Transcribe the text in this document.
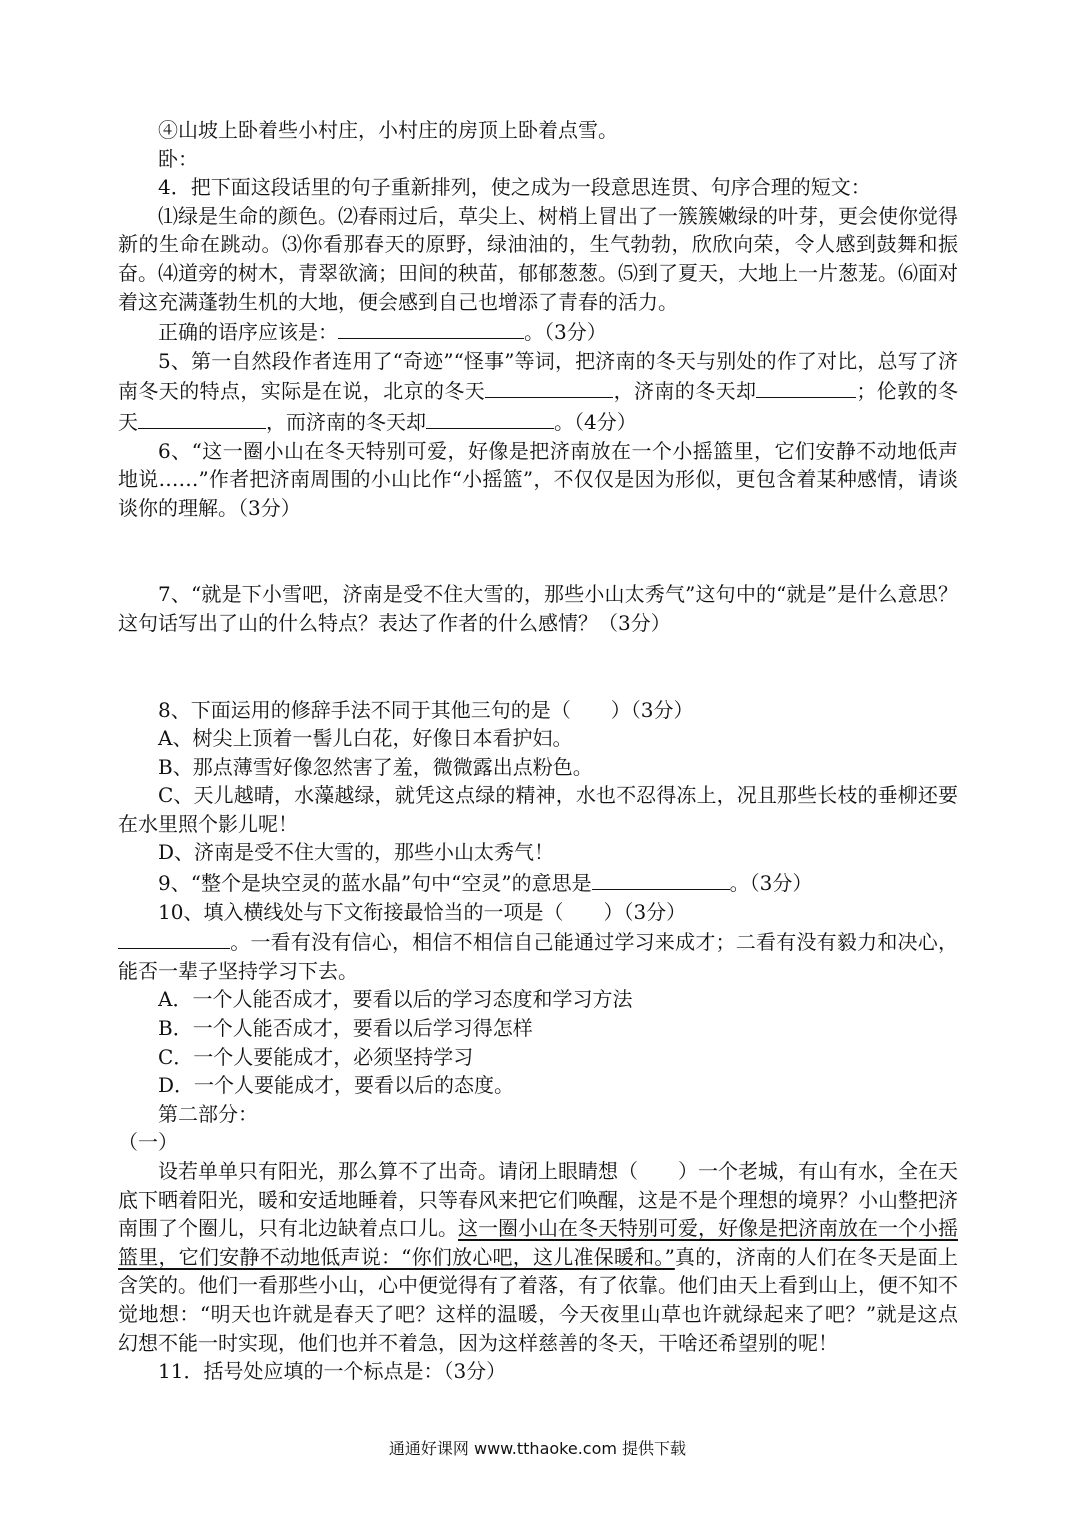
④山坡上卧着些小村庄，小村庄的房顶上卧着点雪。

卧：

4．把下面这段话里的句子重新排列，使之成为一段意思连贯、句序合理的短文：

⑴绿是生命的颜色。⑵春雨过后，草尖上、树梢上冒出了一簇簇嫩绿的叶芽，更会使你觉得新的生命在跳动。⑶你看那春天的原野，绿油油的，生气勃勃，欣欣向荣，令人感到鼓舞和振奋。⑷道旁的树木，青翠欲滴；田间的秧苗，郁郁葱葱。⑸到了夏天，大地上一片葱茏。⑹面对着这充满蓬勃生机的大地，便会感到自己也增添了青春的活力。

正确的语序应该是：	。（3分）

5、第一自然段作者连用了“奇迹”“怪事”等词，把济南的冬天与别处的作了对比，总写了济南冬天的特点，实际是在说，北京的冬天	，济南的冬天却	；伦敦的冬天	，而济南的冬天却	。（4分）

6、“这一圈小山在冬天特别可爱，好像是把济南放在一个小摇篮里，它们安静不动地低声地说……”作者把济南周围的小山比作“小摇篮”，不仅仅是因为形似，更包含着某种感情，请谈谈你的理解。（3分）

7、“就是下小雪吧，济南是受不住大雪的，那些小山太秀气”这句中的“就是”是什么意思？这句话写出了山的什么特点？表达了作者的什么感情？（3分）

8、下面运用的修辞手法不同于其他三句的是（　　）（3分）

A、树尖上顶着一髻儿白花，好像日本看护妇。

B、那点薄雪好像忽然害了羞，微微露出点粉色。

C、天儿越晴，水藻越绿，就凭这点绿的精神，水也不忍得冻上，况且那些长枝的垂柳还要在水里照个影儿呢！

D、济南是受不住大雪的，那些小山太秀气！

9、“整个是块空灵的蓝水晶”句中“空灵”的意思是	。（3分）

10、填入横线处与下文衔接最恰当的一项是（　　）（3分）

。一看有没有信心，相信不相信自己能通过学习来成才；二看有没有毅力和决心，能否一辈子坚持学习下去。

A．一个人能否成才，要看以后的学习态度和学习方法

B．一个人能否成才，要看以后学习得怎样

C．一个人要能成才，必须坚持学习

D．一个人要能成才，要看以后的态度。

第二部分：

（一）

设若单单只有阳光，那么算不了出奇。请闭上眼睛想（　　）一个老城，有山有水，全在天底下晒着阳光，暖和安适地睡着，只等春风来把它们唤醒，这是不是个理想的境界？小山整把济南围了个圈儿，只有北边缺着点口儿。这一圈小山在冬天特别可爱，好像是把济南放在一个小摇篮里，它们安静不动地低声说：“你们放心吧，这儿准保暖和。”真的，济南的人们在冬天是面上含笑的。他们一看那些小山，心中便觉得有了着落，有了依靠。他们由天上看到山上，便不知不觉地想：“明天也许就是春天了吧？这样的温暖，今天夜里山草也许就绿起来了吧？”就是这点幻想不能一时实现，他们也并不着急，因为这样慈善的冬天，干啥还希望别的呢！

11．括号处应填的一个标点是：（3分）

通通好课网 www.tthaoke.com 提供下载
